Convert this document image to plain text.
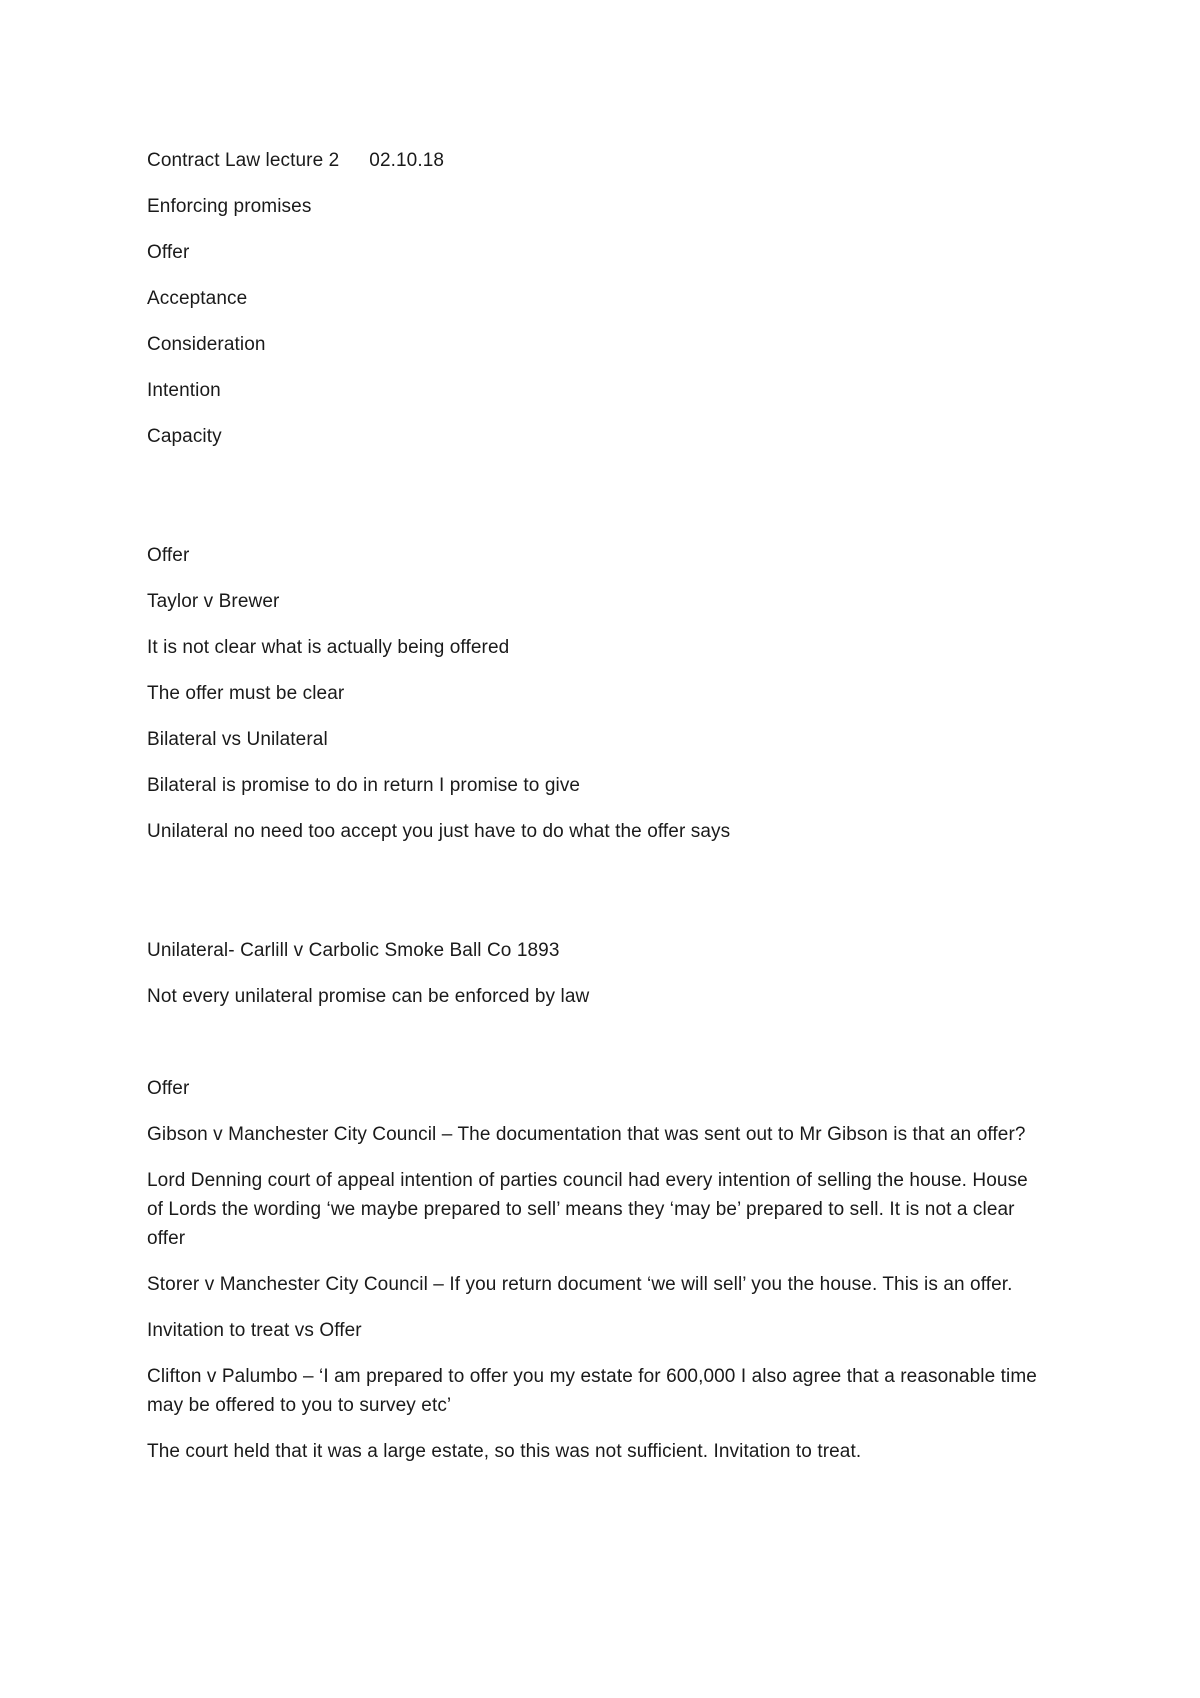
Contract Law lecture 2 02.10.18
Enforcing promises
Offer
Acceptance
Consideration
Intention
Capacity
Offer
Taylor v Brewer
It is not clear what is actually being offered
The offer must be clear
Bilateral vs Unilateral
Bilateral is promise to do in return I promise to give
Unilateral no need too accept you just have to do what the offer says
Unilateral- Carlill v Carbolic Smoke Ball Co 1893
Not every unilateral promise can be enforced by law
Offer
Gibson v Manchester City Council – The documentation that was sent out to Mr Gibson is that an offer?
Lord Denning court of appeal intention of parties council had every intention of selling the house. House of Lords the wording ‘we maybe prepared to sell’ means they ‘may be’ prepared to sell. It is not a clear offer
Storer v Manchester City Council – If you return document ‘we will sell’ you the house. This is an offer.
Invitation to treat vs Offer
Clifton v Palumbo – ‘I am prepared to offer you my estate for 600,000 I also agree that a reasonable time may be offered to you to survey etc’
The court held that it was a large estate, so this was not sufficient. Invitation to treat.
